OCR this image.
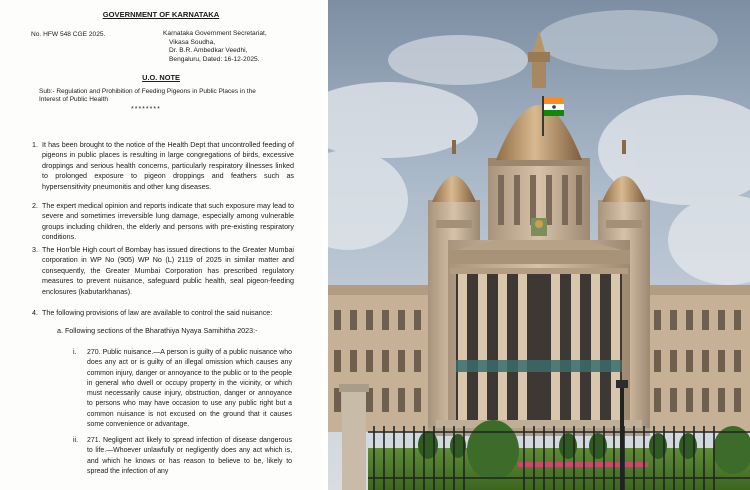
GOVERNMENT OF KARNATAKA
No. HFW 548 CGE 2025.	Karnataka Government Secretariat,
Vikasa Soudha,
Dr. B.R. Ambedkar Veedhi,
Bengaluru, Dated: 16-12-2025.
U.O. NOTE
Sub:- Regulation and Prohibition of Feeding Pigeons in Public Places in the Interest of Public Health
********
1. It has been brought to the notice of the Health Dept that uncontrolled feeding of pigeons in public places is resulting in large congregations of birds, excessive droppings and serious health concerns, particularly respiratory illnesses linked to prolonged exposure to pigeon droppings and feathers such as hypersensitivity pneumonitis and other lung diseases.
2. The expert medical opinion and reports indicate that such exposure may lead to severe and sometimes irreversible lung damage, especially among vulnerable groups including children, the elderly and persons with pre-existing respiratory conditions.
3. The Hon'ble High court of Bombay has issued directions to the Greater Mumbai corporation in WP No (905) WP No (L) 2119 of 2025 in similar matter and consequently, the Greater Mumbai Corporation has prescribed regulatory measures to prevent nuisance, safeguard public health, seal pigeon-feeding enclosures (kabutarkhanas).
4. The following provisions of law are available to control the said nuisance:
a. Following sections of the Bharathiya Nyaya Samihitha 2023:-
i. 270. Public nuisance.—A person is guilty of a public nuisance who does any act or is guilty of an illegal omission which causes any common injury, danger or annoyance to the public or to the people in general who dwell or occupy property in the vicinity, or which must necessarily cause injury, obstruction, danger or annoyance to persons who may have occasion to use any public right but a common nuisance is not excused on the ground that it causes some convenience or advantage.
ii. 271. Negligent act likely to spread infection of disease dangerous to life.—Whoever unlawfully or negligently does any act which is, and which he knows or has reason to believe to be, likely to spread the infection of any
